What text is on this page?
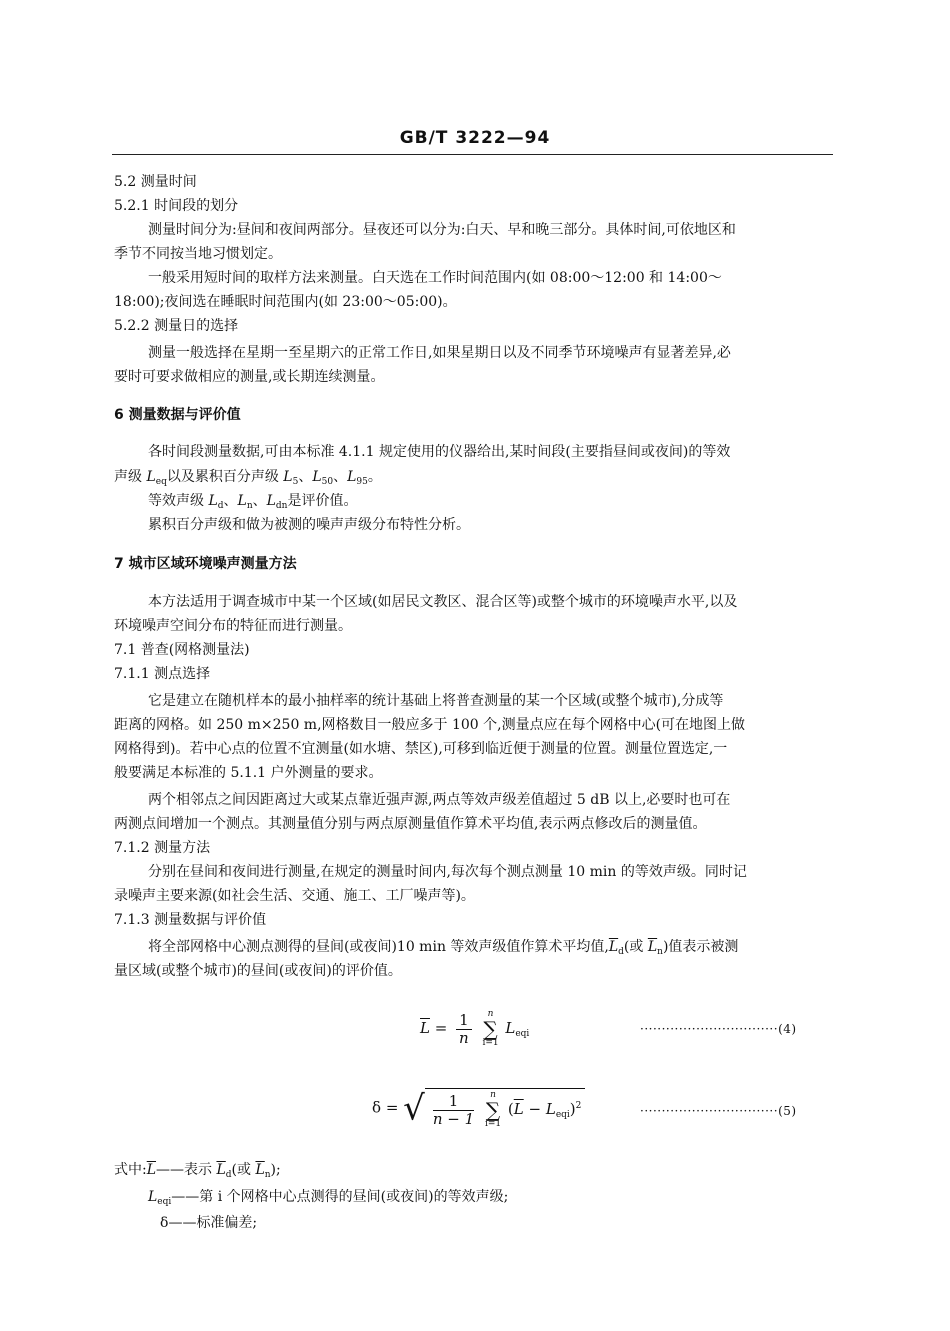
GB/T 3222—94
5.2 测量时间
5.2.1 时间段的划分
测量时间分为:昼间和夜间两部分。昼夜还可以分为:白天、早和晚三部分。具体时间,可依地区和
季节不同按当地习惯划定。
一般采用短时间的取样方法来测量。白天选在工作时间范围内(如 08:00～12:00 和 14:00～
18:00);夜间选在睡眠时间范围内(如 23:00～05:00)。
5.2.2 测量日的选择
测量一般选择在星期一至星期六的正常工作日,如果星期日以及不同季节环境噪声有显著差异,必
要时可要求做相应的测量,或长期连续测量。
6 测量数据与评价值
各时间段测量数据,可由本标准 4.1.1 规定使用的仪器给出,某时间段(主要指昼间或夜间)的等效
声级 $L_{eq}$以及累积百分声级 $L_5$、$L_{50}$、$L_{95}$。
等效声级 $L_d$、$L_n$、$L_{dn}$是评价值。
累积百分声级和做为被测的噪声声级分布特性分析。
7 城市区域环境噪声测量方法
本方法适用于调查城市中某一个区域(如居民文教区、混合区等)或整个城市的环境噪声水平,以及
环境噪声空间分布的特征而进行测量。
7.1 普查(网格测量法)
7.1.1 测点选择
它是建立在随机样本的最小抽样率的统计基础上将普查测量的某一个区域(或整个城市),分成等
距离的网格。如 250 m×250 m,网格数目一般应多于 100 个,测量点应在每个网格中心(可在地图上做
网格得到)。若中心点的位置不宜测量(如水塘、禁区),可移到临近便于测量的位置。测量位置选定,一
般要满足本标准的 5.1.1 户外测量的要求。
两个相邻点之间因距离过大或某点靠近强声源,两点等效声级差值超过 5 dB 以上,必要时也可在
两测点间增加一个测点。其测量值分别与两点原测量值作算术平均值,表示两点修改后的测量值。
7.1.2 测量方法
分别在昼间和夜间进行测量,在规定的测量时间内,每次每个测点测量 10 min 的等效声级。同时记
录噪声主要来源(如社会生活、交通、施工、工厂噪声等)。
7.1.3 测量数据与评价值
将全部网格中心测点测得的昼间(或夜间)10 min 等效声级值作算术平均值$,\overline{L}_d$(或 $\overline{L}_n$)值表示被测
量区域(或整个城市)的昼间(或夜间)的评价值。
$\overline{L} = \frac{1}{n}$
	n
∑
i=1
$L_{eqi}$	································(4)
δ = √ $\frac{1}{n - 1}$
	n
∑
i=1
$(\overline{L} - L_{eqi})^2$	································(5)
式中$:\overline{L}——$表示 $\overline{L}_d$(或 $\overline{L}_n$);
$L_{eqi}——$第 i 个网格中心点测得的昼间(或夜间)的等效声级;
δ——标准偏差;
